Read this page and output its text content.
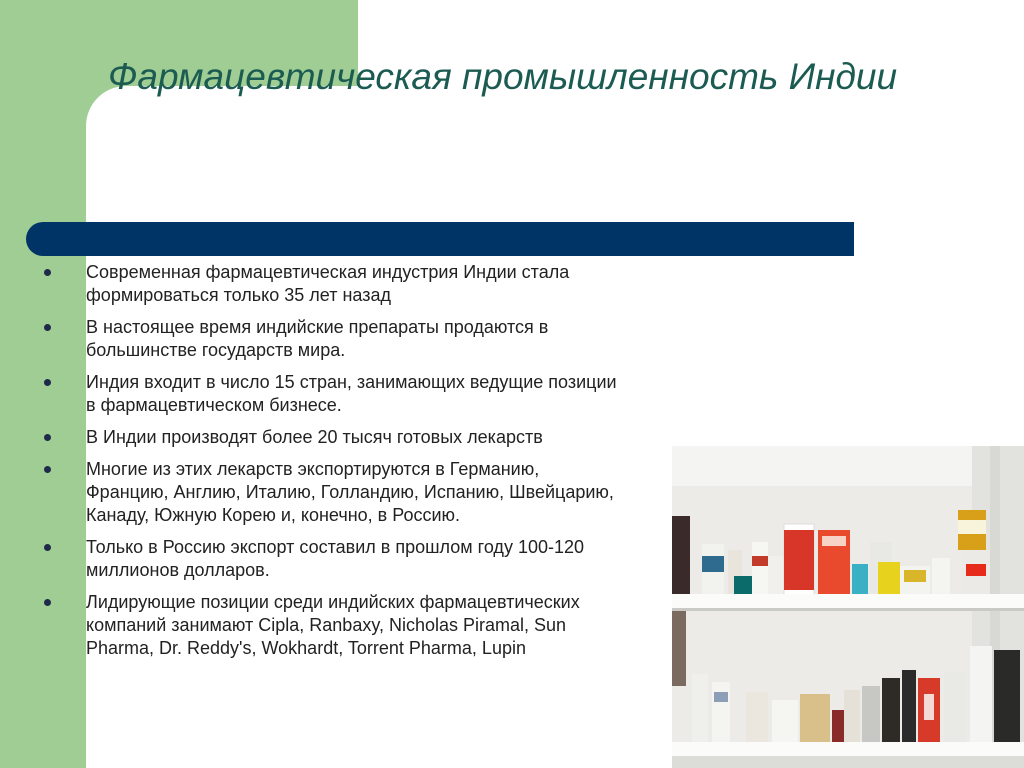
Фармацевтическая промышленность Индии
Современная фармацевтическая индустрия Индии стала формироваться только 35 лет назад
В настоящее время индийские препараты продаются в большинстве государств мира.
Индия входит в число 15 стран, занимающих ведущие позиции в фармацевтическом бизнесе.
В Индии производят более 20 тысяч готовых лекарств
Многие из этих лекарств экспортируются в Германию, Францию, Англию, Италию, Голландию, Испанию, Швейцарию, Канаду, Южную Корею и, конечно, в Россию.
Только в Россию экспорт составил в прошлом году 100-120 миллионов долларов.
Лидирующие позиции среди индийских фармацевтических компаний занимают Cipla, Ranbaxy, Nicholas Piramal, Sun Pharma, Dr. Reddy's, Wokhardt, Torrent Pharma, Lupin
